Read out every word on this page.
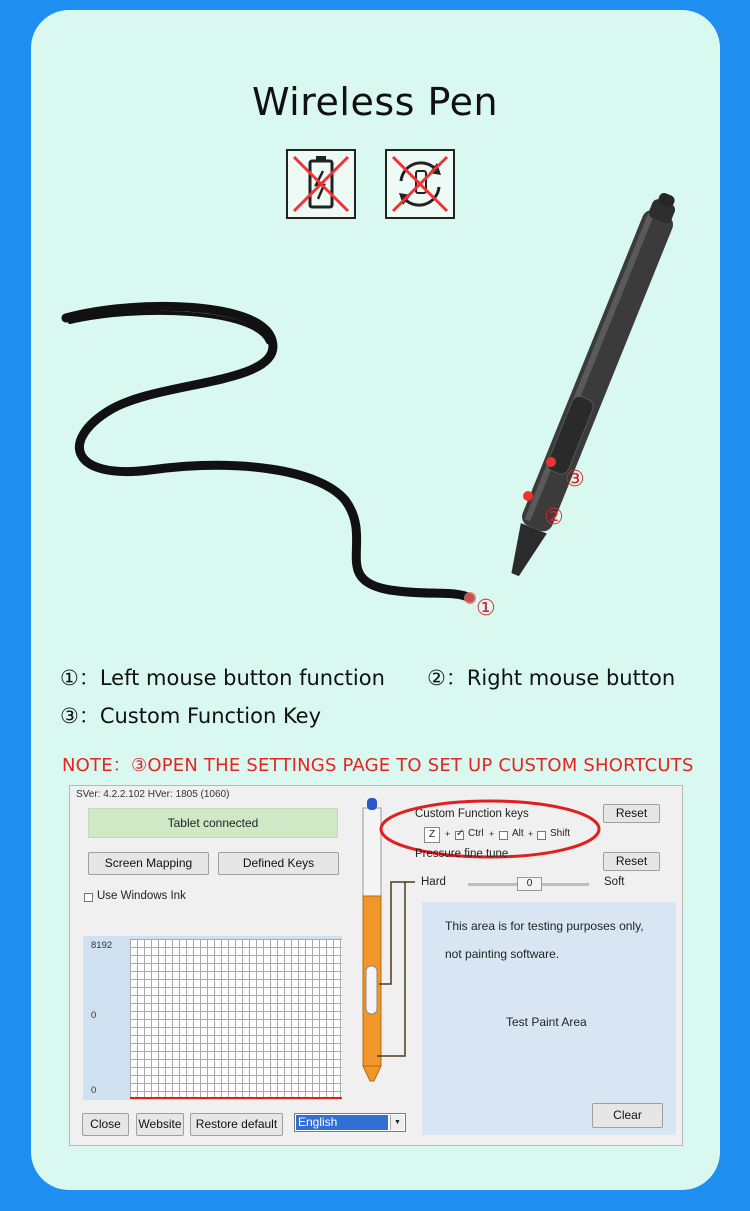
Wireless Pen
③
②
①
①：Left mouse button function ②：Right mouse button
③：Custom Function Key
NOTE：③OPEN THE SETTINGS PAGE TO SET UP CUSTOM SHORTCUTS
SVer: 4.2.2.102 HVer: 1805 (1060)
Tablet connected
Screen Mapping	Defined Keys
Use Windows Ink
8192
0
0
Custom Function keys
Z	+
✓ Ctrl + Alt + Shift
Pressure fine tune
Reset
Reset
Hard	0	Soft
This area is for testing purposes only,
not painting software.
Test Paint Area
Clear
Close	Website	Restore default	English	▼
